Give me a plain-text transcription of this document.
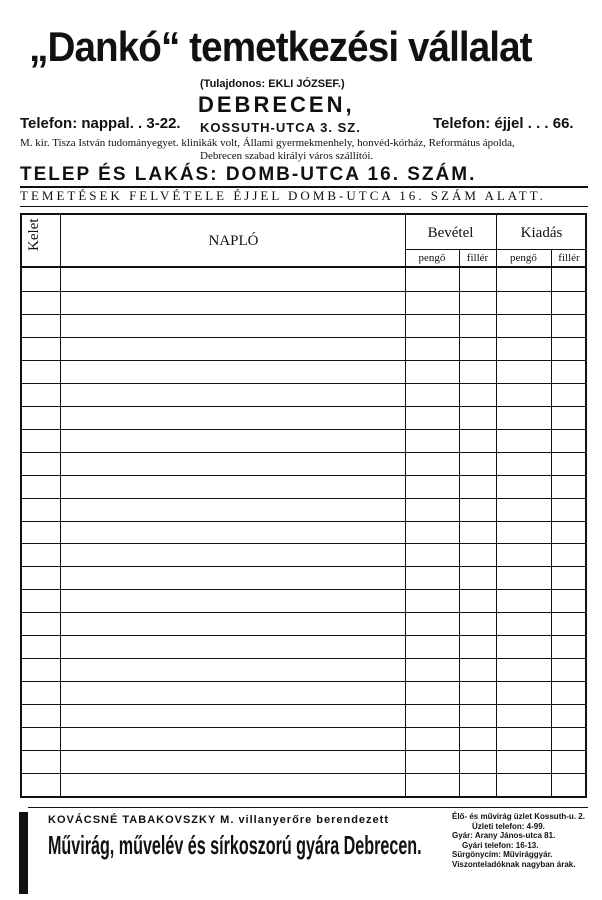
„Dankó“ temetkezési vállalat
(Tulajdonos: EKLI JÓZSEF.)
DEBRECEN,
Telefon: nappal. . 3-22. KOSSUTH-UTCA 3. SZ.	Telefon: éjjel . . . 66.
M. kir. Tisza István tudományegyet. klinikák volt, Állami gyermekmenhely, honvéd-kórház, Református ápolda,
Debrecen szabad királyi város szállítói.
TELEP ÉS LAKÁS: DOMB-UTCA 16. SZÁM.
TEMETÉSEK FELVÉTELE ÉJJEL DOMB-UTCA 16. SZÁM ALATT.
Kelet	NAPLÓ	Bevétel	Kiadás
pengő	fillér	pengő	fillér
KOVÁCSNÉ TABAKOVSZKY M. villanyerőre berendezett
Művirág, művelév és sírkoszorú gyára Debrecen.
Élő- és művirág üzlet Kossuth-u. 2.
Üzleti telefon: 4-99.
Gyár: Arany János-utca 81.
Gyári telefon: 16-13.
Sürgönycím: Művirággyár.
Viszonteladóknak nagyban árak.
